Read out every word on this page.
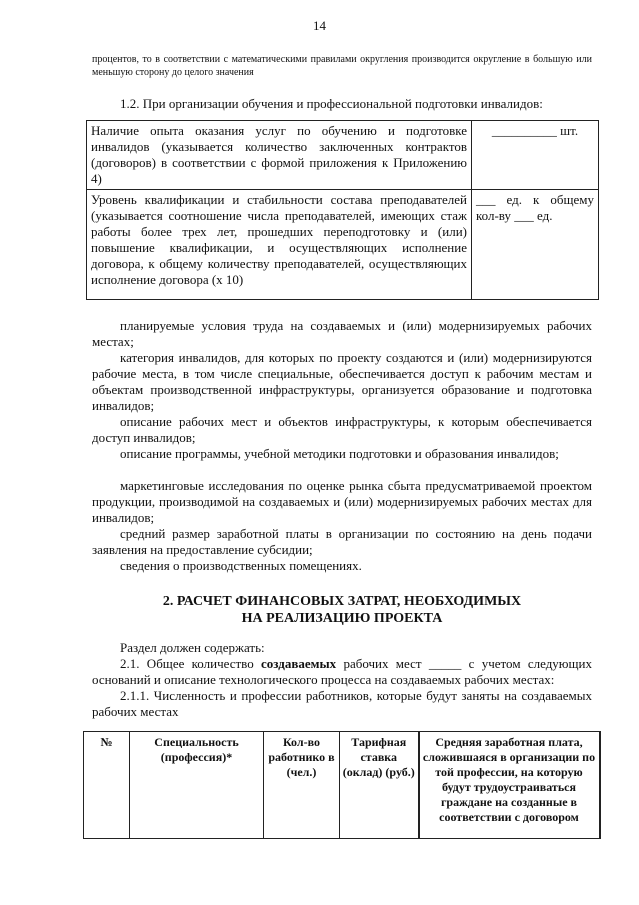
14
процентов, то в соответствии с математическими правилами округления производится округление в большую или меньшую сторону до целого значения
1.2. При организации обучения и профессиональной подготовки инвалидов:
Наличие опыта оказания услуг по обучению и подготовке инвалидов (указывается количество заключенных контрактов (договоров) в соответствии с формой приложения к Приложению 4)	__________ шт.
Уровень квалификации и стабильности состава преподавателей (указывается соотношение числа преподавателей, имеющих стаж работы более трех лет, прошедших переподготовку и (или) повышение квалификации, и осуществляющих исполнение договора, к общему количеству преподавателей, осуществляющих исполнение договора (х 10)	___ ед. к общему кол-ву ___ ед.
планируемые условия труда на создаваемых и (или) модернизируемых рабочих местах;
категория инвалидов, для которых по проекту создаются и (или) модернизируются рабочие места, в том числе специальные, обеспечивается доступ к рабочим местам и объектам производственной инфраструктуры, организуется образование и подготовка инвалидов;
описание рабочих мест и объектов инфраструктуры, к которым обеспечивается доступ инвалидов;
описание программы, учебной методики подготовки и образования инвалидов;
маркетинговые исследования по оценке рынка сбыта предусматриваемой проектом продукции, производимой на создаваемых и (или) модернизируемых рабочих местах для инвалидов;
средний размер заработной платы в организации по состоянию на день подачи заявления на предоставление субсидии;
сведения о производственных помещениях.
2. РАСЧЕТ ФИНАНСОВЫХ ЗАТРАТ, НЕОБХОДИМЫХ
НА РЕАЛИЗАЦИЮ ПРОЕКТА
Раздел должен содержать:
2.1. Общее количество создаваемых рабочих мест _____ с учетом следующих оснований и описание технологического процесса на создаваемых рабочих местах:
2.1.1. Численность и профессии работников, которые будут заняты на создаваемых рабочих местах
№	Специальность (профессия)*	Кол-во работнико в (чел.)	Тарифная ставка (оклад) (руб.)	Средняя заработная плата, сложившаяся в организации по той профессии, на которую будут трудоустраиваться граждане на созданные в соответствии с договором
